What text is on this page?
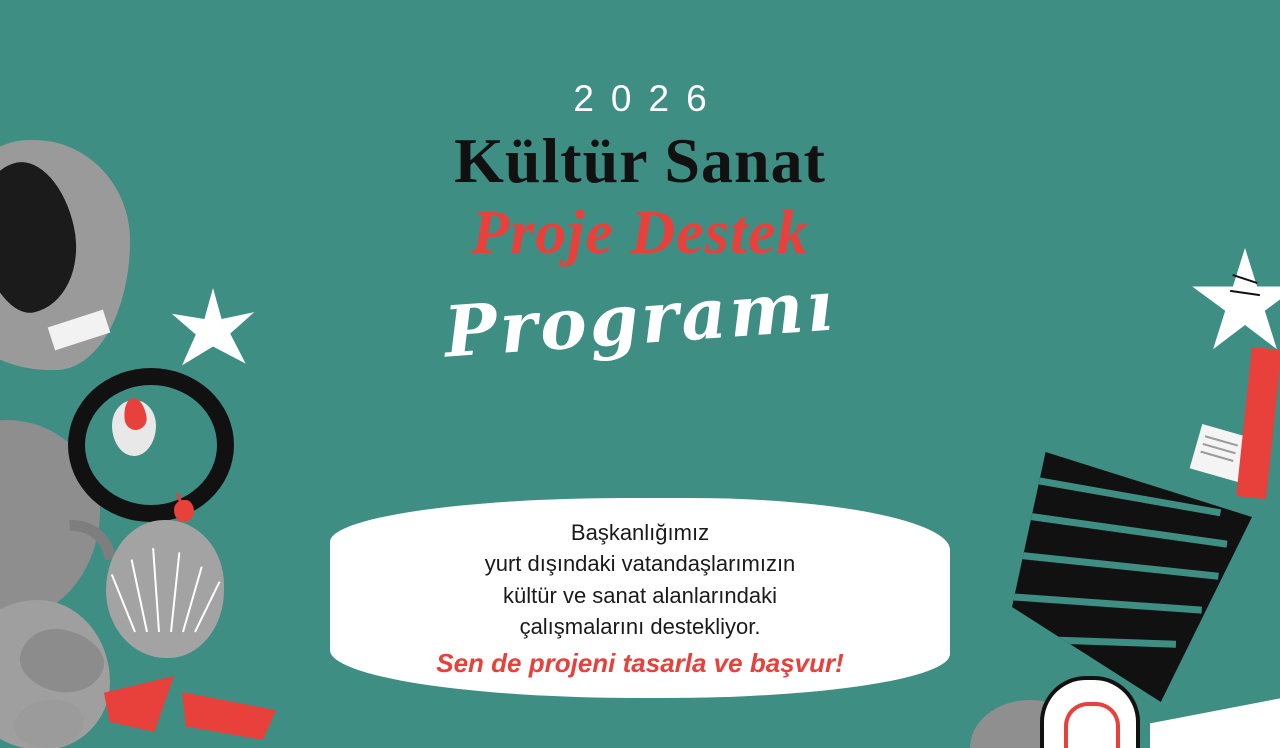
2026
Kültür Sanat
Proje Destek
Programı
Başkanlığımız
yurt dışındaki vatandaşlarımızın
kültür ve sanat alanlarındaki
çalışmalarını destekliyor.
Sen de projeni tasarla ve başvur!
